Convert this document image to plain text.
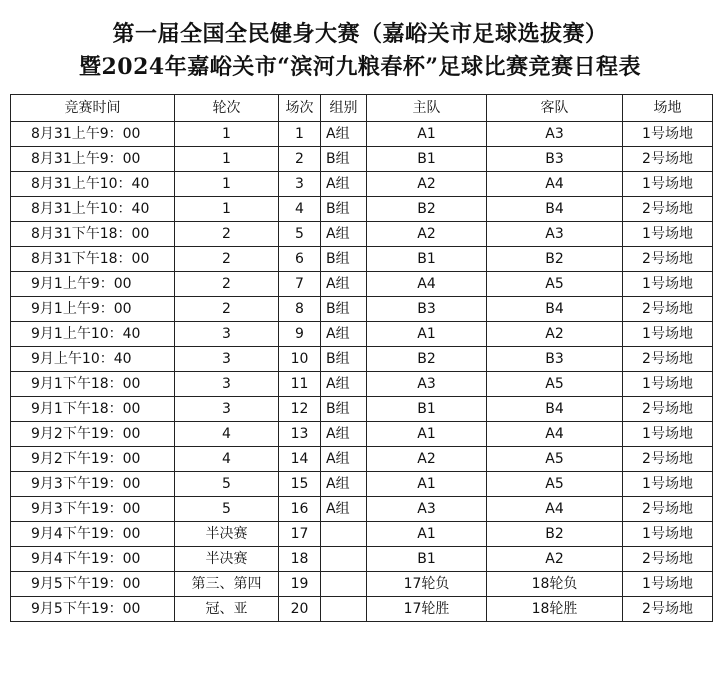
第一届全国全民健身大赛（嘉峪关市足球选拔赛）
暨2024年嘉峪关市“滨河九粮春杯”足球比赛竞赛日程表
竞赛时间	轮次	场次	组别	主队	客队	场地
8月31上午9：00	1	1	A组	A1	A3	1号场地
8月31上午9：00	1	2	B组	B1	B3	2号场地
8月31上午10：40	1	3	A组	A2	A4	1号场地
8月31上午10：40	1	4	B组	B2	B4	2号场地
8月31下午18：00	2	5	A组	A2	A3	1号场地
8月31下午18：00	2	6	B组	B1	B2	2号场地
9月1上午9：00	2	7	A组	A4	A5	1号场地
9月1上午9：00	2	8	B组	B3	B4	2号场地
9月1上午10：40	3	9	A组	A1	A2	1号场地
9月上午10：40	3	10	B组	B2	B3	2号场地
9月1下午18：00	3	11	A组	A3	A5	1号场地
9月1下午18：00	3	12	B组	B1	B4	2号场地
9月2下午19：00	4	13	A组	A1	A4	1号场地
9月2下午19：00	4	14	A组	A2	A5	2号场地
9月3下午19：00	5	15	A组	A1	A5	1号场地
9月3下午19：00	5	16	A组	A3	A4	2号场地
9月4下午19：00	半决赛	17		A1	B2	1号场地
9月4下午19：00	半决赛	18		B1	A2	2号场地
9月5下午19：00	第三、第四	19		17轮负	18轮负	1号场地
9月5下午19：00	冠、亚	20		17轮胜	18轮胜	2号场地
